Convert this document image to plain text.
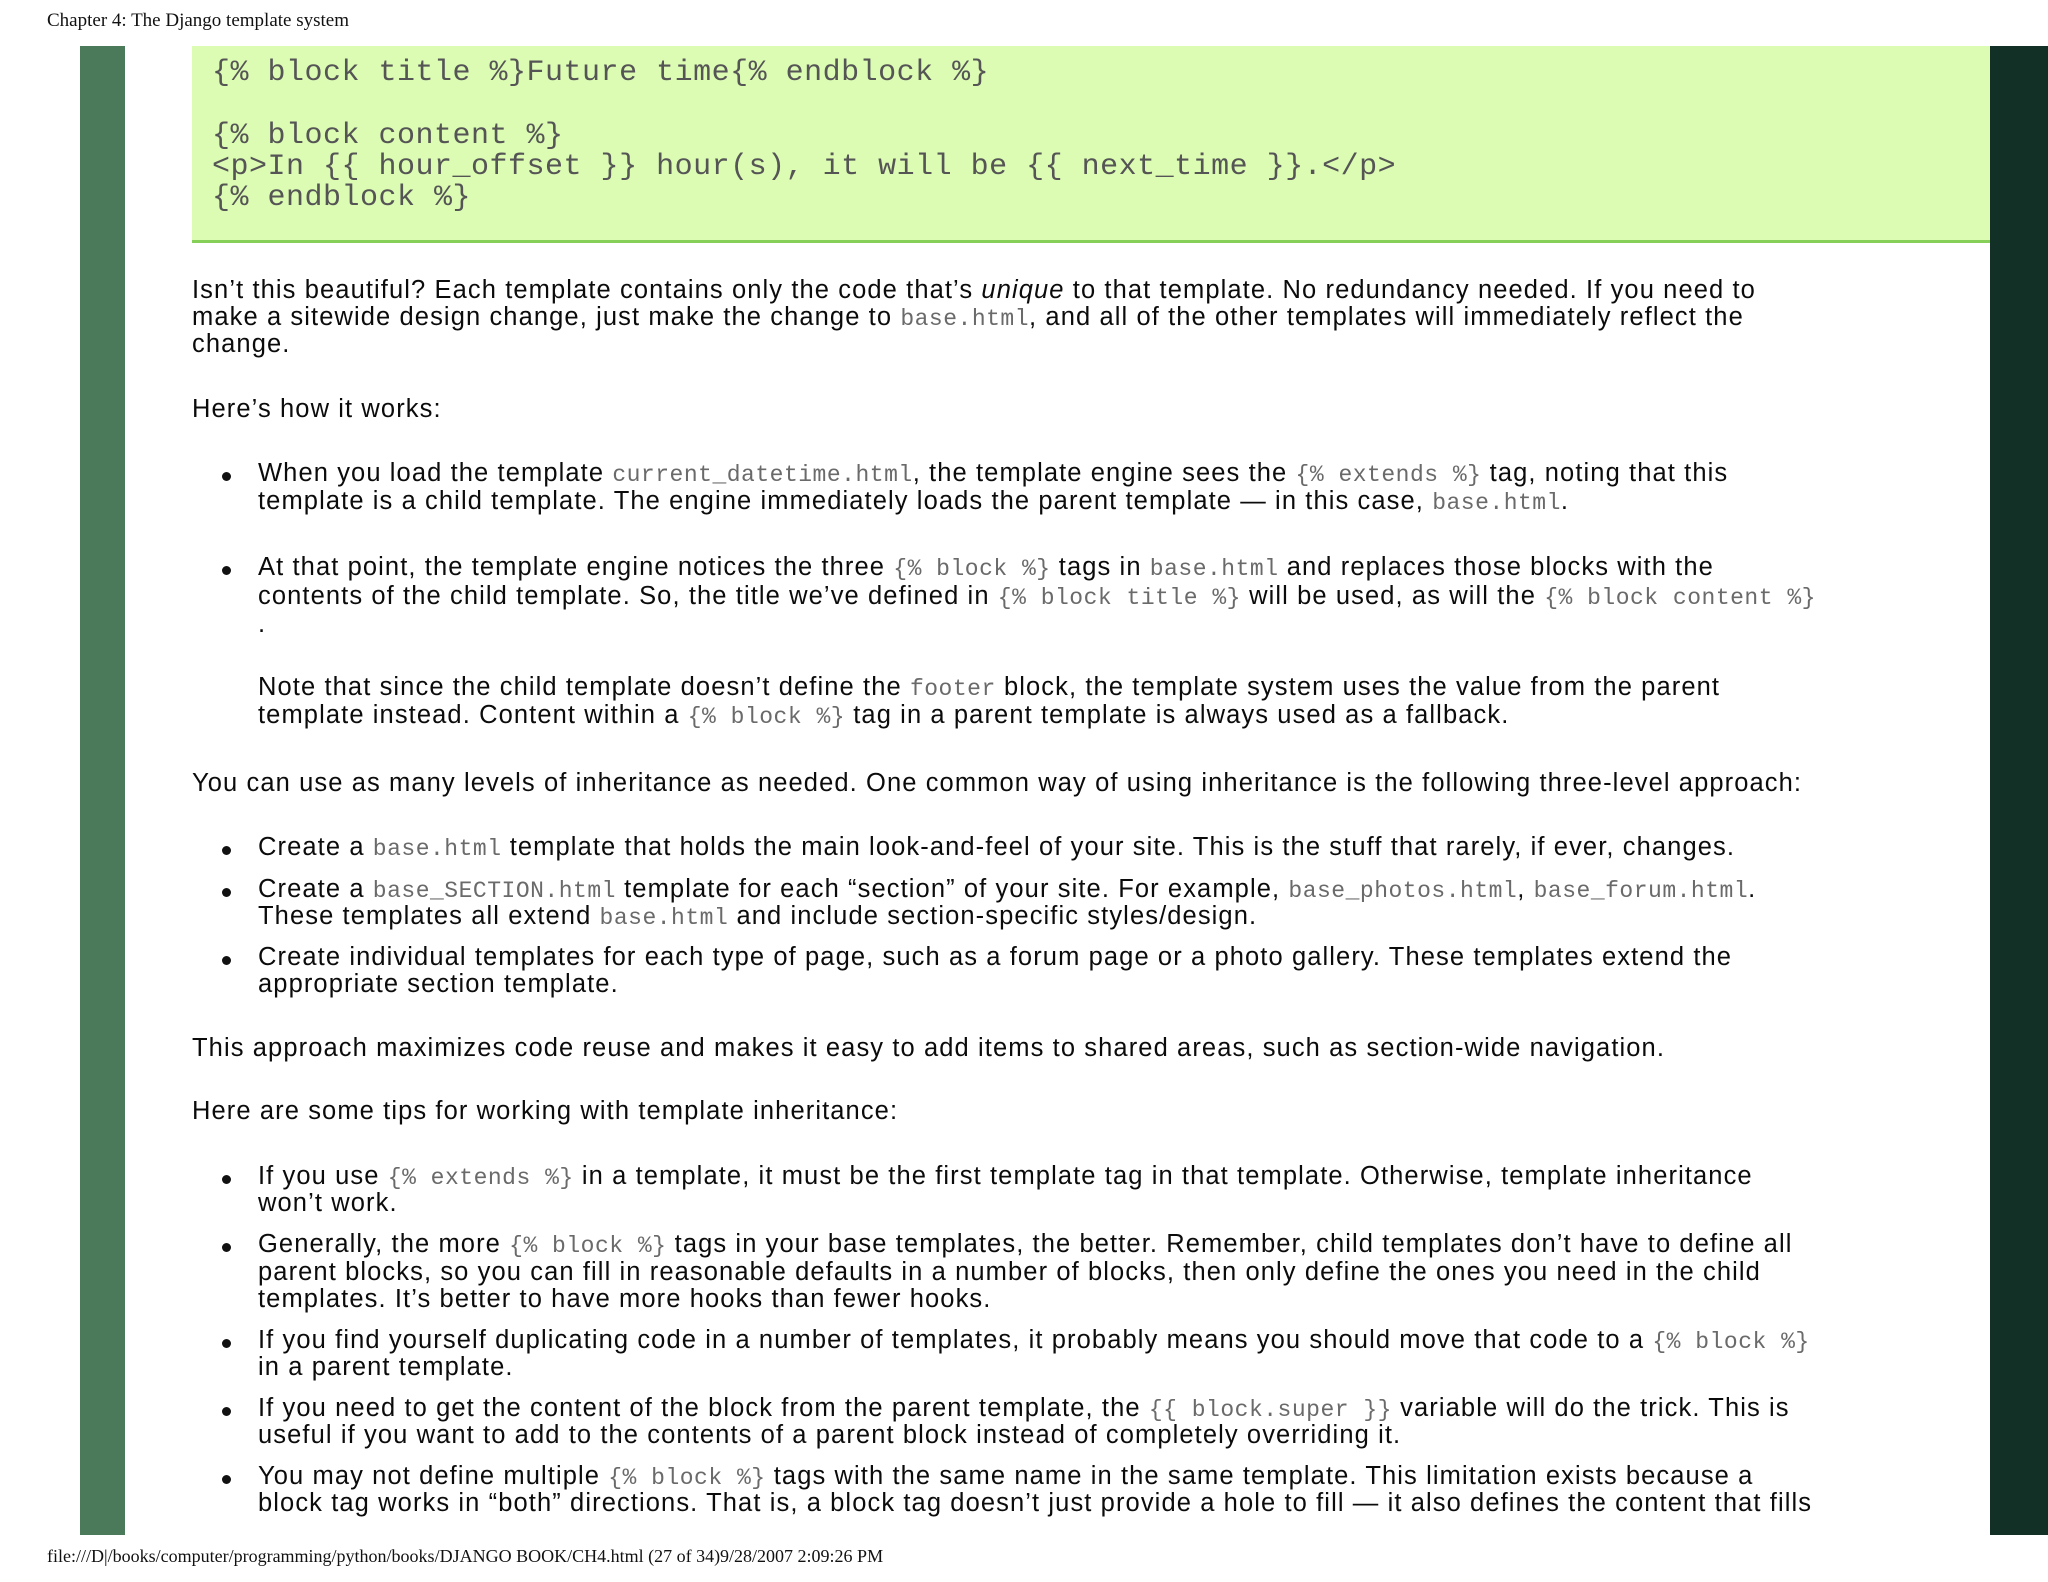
Chapter 4: The Django template system
{% block title %}Future time{% endblock %}
{% block content %}
<p>In {{ hour_offset }} hour(s), it will be {{ next_time }}.</p>
{% endblock %}
Isn’t this beautiful? Each template contains only the code that’s unique to that template. No redundancy needed. If you need to
make a sitewide design change, just make the change to base.html, and all of the other templates will immediately reflect the
change.
Here’s how it works:
When you load the template current_datetime.html, the template engine sees the {% extends %} tag, noting that this
template is a child template. The engine immediately loads the parent template — in this case, base.html.
At that point, the template engine notices the three {% block %} tags in base.html and replaces those blocks with the
contents of the child template. So, the title we’ve defined in {% block title %} will be used, as will the {% block content %}
.
Note that since the child template doesn’t define the footer block, the template system uses the value from the parent
template instead. Content within a {% block %} tag in a parent template is always used as a fallback.
You can use as many levels of inheritance as needed. One common way of using inheritance is the following three-level approach:
Create a base.html template that holds the main look-and-feel of your site. This is the stuff that rarely, if ever, changes.
Create a base_SECTION.html template for each “section” of your site. For example, base_photos.html, base_forum.html.
These templates all extend base.html and include section-specific styles/design.
Create individual templates for each type of page, such as a forum page or a photo gallery. These templates extend the
appropriate section template.
This approach maximizes code reuse and makes it easy to add items to shared areas, such as section-wide navigation.
Here are some tips for working with template inheritance:
If you use {% extends %} in a template, it must be the first template tag in that template. Otherwise, template inheritance
won’t work.
Generally, the more {% block %} tags in your base templates, the better. Remember, child templates don’t have to define all
parent blocks, so you can fill in reasonable defaults in a number of blocks, then only define the ones you need in the child
templates. It’s better to have more hooks than fewer hooks.
If you find yourself duplicating code in a number of templates, it probably means you should move that code to a {% block %}
in a parent template.
If you need to get the content of the block from the parent template, the {{ block.super }} variable will do the trick. This is
useful if you want to add to the contents of a parent block instead of completely overriding it.
You may not define multiple {% block %} tags with the same name in the same template. This limitation exists because a
block tag works in “both” directions. That is, a block tag doesn’t just provide a hole to fill — it also defines the content that fills
file:///D|/books/computer/programming/python/books/DJANGO BOOK/CH4.html (27 of 34)9/28/2007 2:09:26 PM
